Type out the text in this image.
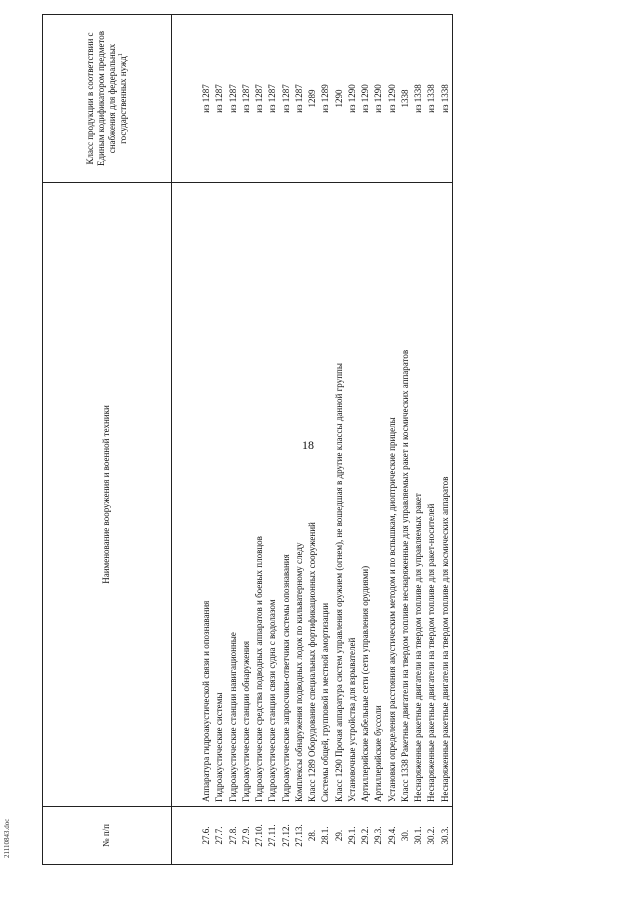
18
2111084З.doc	№ п/п	Наименование вооружения и военной техники	Класс продукции в соответствии с Единым кодификатором предметов снабжения для федеральных государственных нужд$^1$

27.6.	Аппаратура гидроакустической связи и опознавания	из 1287
27.7.	Гидроакустические системы	из 1287
27.8.	Гидроакустические станции навигационные	из 1287
27.9.	Гидроакустические станции обнаружения	из 1287
27.10.	Гидроакустические средства подводных аппаратов и боевых пловцов	из 1287
27.11.	Гидроакустические станции связи судна с водолазом	из 1287
27.12.	Гидроакустические запросчики-ответчики системы опознавания	из 1287
27.13.	Комплексы обнаружения подводных лодок по кильватерному следу	из 1287
28.	Класс 1289 Оборудование специальных фортификационных сооружений	1289
28.1.	Системы общей, групповой и местной амортизации	из 1289
29.	Класс 1290 Прочая аппаратура систем управления оружием (огнем), не вошедшая в другие классы данной группы	1290
29.1.	Установочные устройства для взрывателей	из 1290
29.2.	Артиллерийские кабельные сети (сети управления орудиями)	из 1290
29.3.	Артиллерийские буссоли	из 1290
29.4.	Установки определения расстояния акустическим методом и по вспышкам, диоптрические прицелы	из 1290
30.	Класс 1338 Ракетные двигатели на твердом топливе неснаряженные для управляемых ракет и космических аппаратов	1338
30.1.	Неснаряженные ракетные двигатели на твердом топливе для управляемых ракет	из 1338
30.2.	Неснаряженные ракетные двигатели на твердом топливе для ракет-носителей	из 1338
30.3.	Неснаряженные ракетные двигатели на твердом топливе для космических аппаратов	из 1338
